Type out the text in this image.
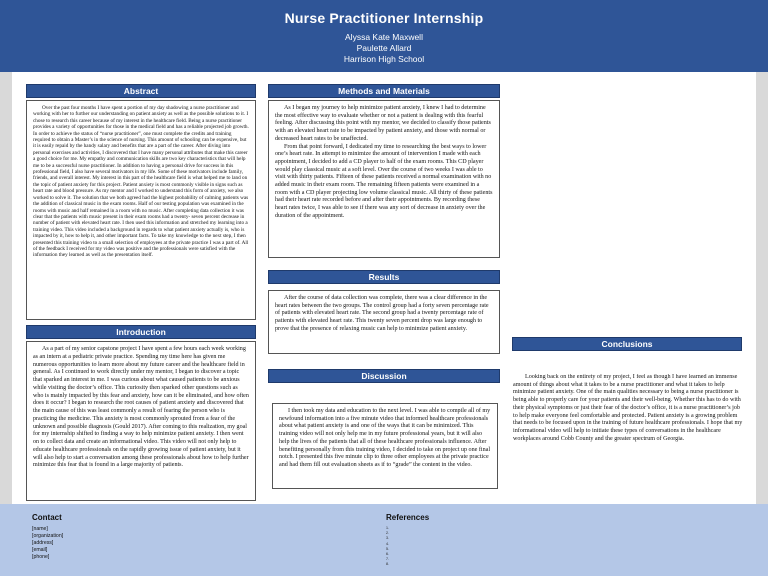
Nurse Practitioner Internship
Alyssa Kate Maxwell
Paulette Allard
Harrison High School
Abstract

Over the past four months I have spent a portion of my day shadowing a nurse practitioner and working with her to further our understanding on patient anxiety as well as the possible solutions to it. I chose to research this career because of my interest in the healthcare field. Being a nurse practitioner provides a variety of opportunities for those in the medical field and has a reliable projected job growth. In order to achieve the status of “nurse practitioner”, one must complete the credits and training required to obtain a Master’s in the science of nursing. This amount of schooling can be expensive, but it is easily repaid by the handy salary and benefits that are a part of the career. After diving into personal exercises and activities, I discovered that I have many personal attributes that make this career a good choice for me. My empathy and communication skills are two key characteristics that will help me to be a successful nurse practitioner. In addition to having a personal drive for success in this professional field, I also have several motivators in my life. Some of these motivators include family, friends, and overall interest. My interest in this part of the healthcare field is what helped me to land on the topic of patient anxiety for this project. Patient anxiety is most commonly visible in signs such as heart rate and blood pressure. As my mentor and I worked to understand this form of anxiety, we also worked to solve it. The solution that we both agreed had the highest probability of calming patients was the addition of classical music in the exam rooms. Half of our testing population was examined in the rooms with music and half remained in a room with no music. After completing data collection it was clear that the patients with music present in their exam rooms had a twenty- seven percent decrease in number of patient with elevated heart rate. I then used this information and stretched my learning into a training video. This video included a background in regards to what patient anxiety actually is, who is impacted by it, how to help it, and other important facts. To take my knowledge to the next step, I then presented this training video to a small selection of employees at the private practice I was a part of. All of the feedback I received for my video was positive and the professionals were satisfied with the information they learned as well as the presentation itself.

Introduction

As a part of my senior capstone project I have spent a few hours each week working as an intern at a pediatric private practice. Spending my time here has given me numerous opportunities to learn more about my future career and the healthcare field in general. As I continued to work directly under my mentor, I began to discover a topic that sparked an interest in me. I was curious about what caused patients to be anxious while visiting the doctor’s office. This curiosity then sparked other questions such as who is mainly impacted by this fear and anxiety, how can it be eliminated, and how often does it occur? I began to research the root causes of patient anxiety and discovered that the main cause of this was least commonly a result of fearing the person who is practicing the medicine. This anxiety is most commonly sprouted from a fear of the unknown and possible diagnosis (Gould 2017). After coming to this realization, my goal for my internship shifted to finding a way to help minimize patient anxiety. I then went on to collect data and create an informational video. This video will not only help to educate healthcare professionals on the rapidly growing issue of patient anxiety, but it will also help to start a conversation among these professionals about how to help further minimize this fear that is found in a large majority of patients.

Methods and Materials

As I began my journey to help minimize patient anxiety, I knew I had to determine the most effective way to evaluate whether or not a patient is dealing with this fearful feeling. After discussing this point with my mentor, we decided to classify those patients with an elevated heart rate to be impacted by patient anxiety, and those with normal or decreased heart rates to be unaffected.

From that point forward, I dedicated my time to researching the best ways to lower one’s heart rate. In attempt to minimize the amount of intervention I made with each appointment, I decided to add a CD player to half of the exam rooms. This CD player would play classical music at a soft level. Over the course of two weeks I was able to visit with thirty patients. Fifteen of these patients received a normal examination with no added music in their exam room. The remaining fifteen patients were examined in a room with a CD player projecting low volume classical music. All thirty of these patients had their heart rate recorded before and after their appointments. By recording these heart rates twice, I was able to see if there was any sort of decrease in anxiety over the duration of the appointment.

Results

After the course of data collection was complete, there was a clear difference in the heart rates between the two groups. The control group had a forty seven percentage rate of patients with elevated heart rate. The second group had a twenty percentage rate of patients with elevated heart rate. This twenty seven percent drop was large enough to prove that the presence of relaxing music can help to minimize patient anxiety.

Discussion

I then took my data and education to the next level. I was able to compile all of my newfound information into a five minute video that informed healthcare professionals about what patient anxiety is and one of the ways that it can be minimized. This training video will not only help me in my future professional years, but it will also help the lives of the patients that all of these healthcare professionals influence. After benefiting personally from this training video, I decided to take on project up one final notch. I presented this five minute clip to three other employees at the private practice and had them fill out evaluation sheets as if to “grade” the content in the video.

Conclusions

Looking back on the entirety of my project, I feel as though I have learned an immense amount of things about what it takes to be a nurse practitioner and what it takes to help minimize patient anxiety. One of the main qualities necessary to being a nurse practitioner is being able to properly care for your patients and their well-being. Whether this has to do with their physical symptoms or just their fear of the doctor’s office, it is a nurse practitioner’s job to help make everyone feel comfortable and protected. Patient anxiety is a growing problem that needs to be focused upon in the training of future healthcare professionals. I hope that my informational video will help to initiate these types of conversations in the healthcare workplaces around Cobb County and the greater spectrum of Georgia.

Contact
[name]
[organization]
[address]
[email]
[phone]
References
1.
2.
3.
4.
5.
6.
7.
8.
